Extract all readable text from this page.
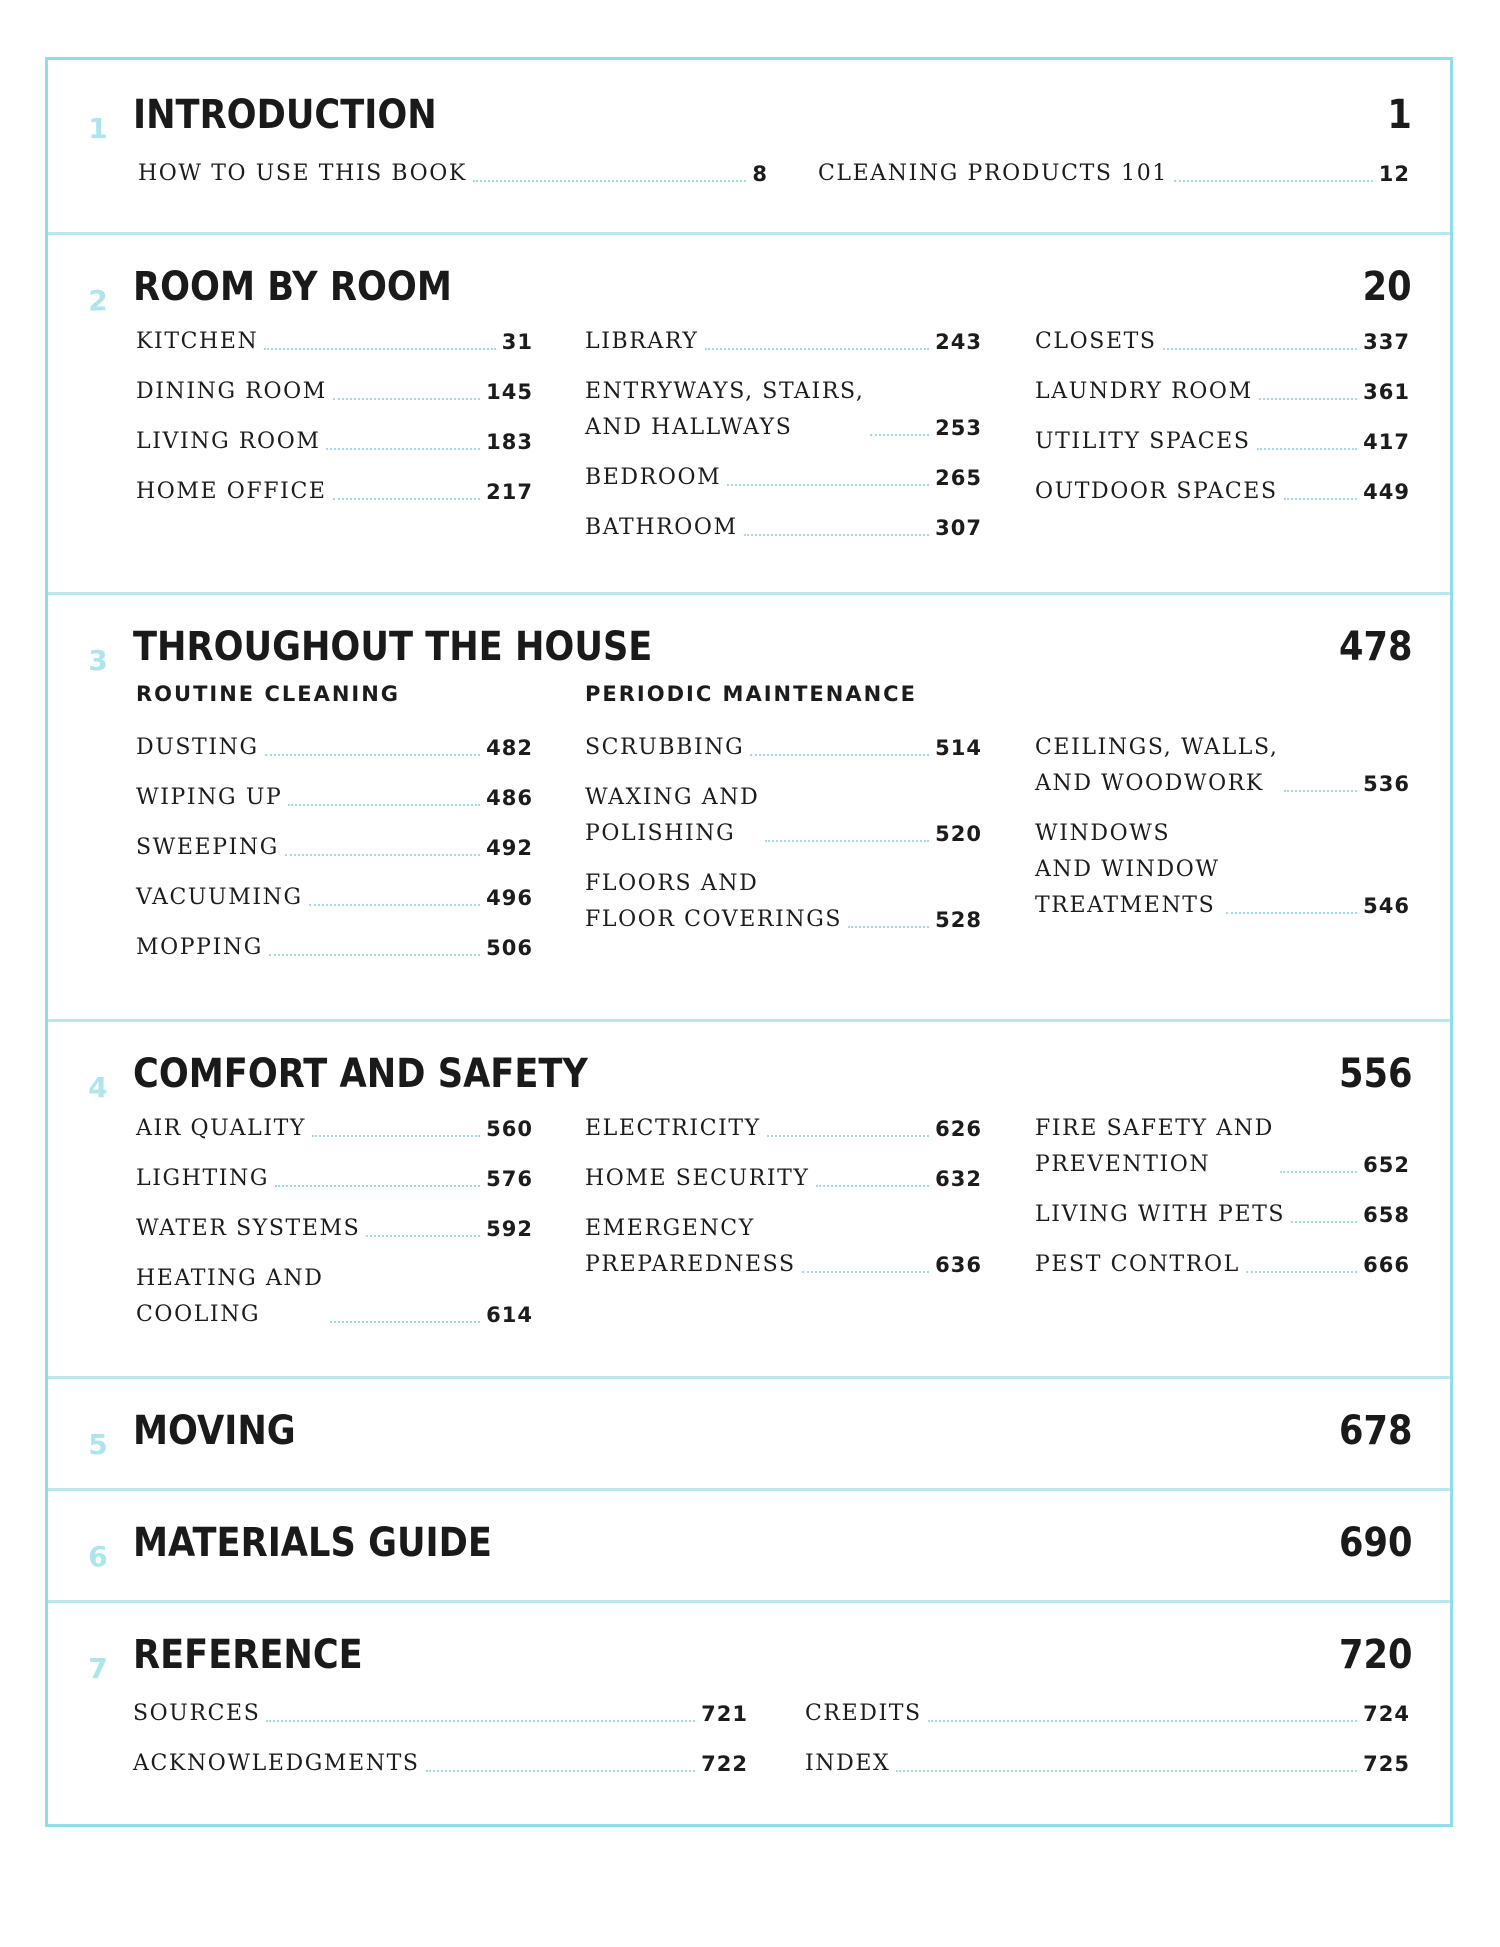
1 INTRODUCTION	1
HOW TO USE THIS BOOK	8 CLEANING PRODUCTS 101	12
2 ROOM BY ROOM	20
KITCHEN	31
DINING ROOM	145
LIVING ROOM	183
HOME OFFICE	217
LIBRARY	243
ENTRYWAYS, STAIRS,
AND HALLWAYS	253
BEDROOM	265
BATHROOM	307
CLOSETS	337
LAUNDRY ROOM	361
UTILITY SPACES	417
OUTDOOR SPACES	449
3 THROUGHOUT THE HOUSE	478
ROUTINE CLEANING	PERIODIC MAINTENANCE
DUSTING	482
WIPING UP	486
SWEEPING	492
VACUUMING	496
MOPPING	506
SCRUBBING	514
WAXING AND
POLISHING	520
FLOORS AND
FLOOR COVERINGS	528
CEILINGS, WALLS,
AND WOODWORK	536
WINDOWS
AND WINDOW
TREATMENTS	546
4 COMFORT AND SAFETY	556
AIR QUALITY	560
LIGHTING	576
WATER SYSTEMS	592
HEATING AND
COOLING	614
ELECTRICITY	626
HOME SECURITY	632
EMERGENCY
PREPAREDNESS	636
FIRE SAFETY AND
PREVENTION	652
LIVING WITH PETS	658
PEST CONTROL	666
5 MOVING	678
6 MATERIALS GUIDE	690
7 REFERENCE	720
SOURCES	721
ACKNOWLEDGMENTS	722
CREDITS	724
INDEX	725
